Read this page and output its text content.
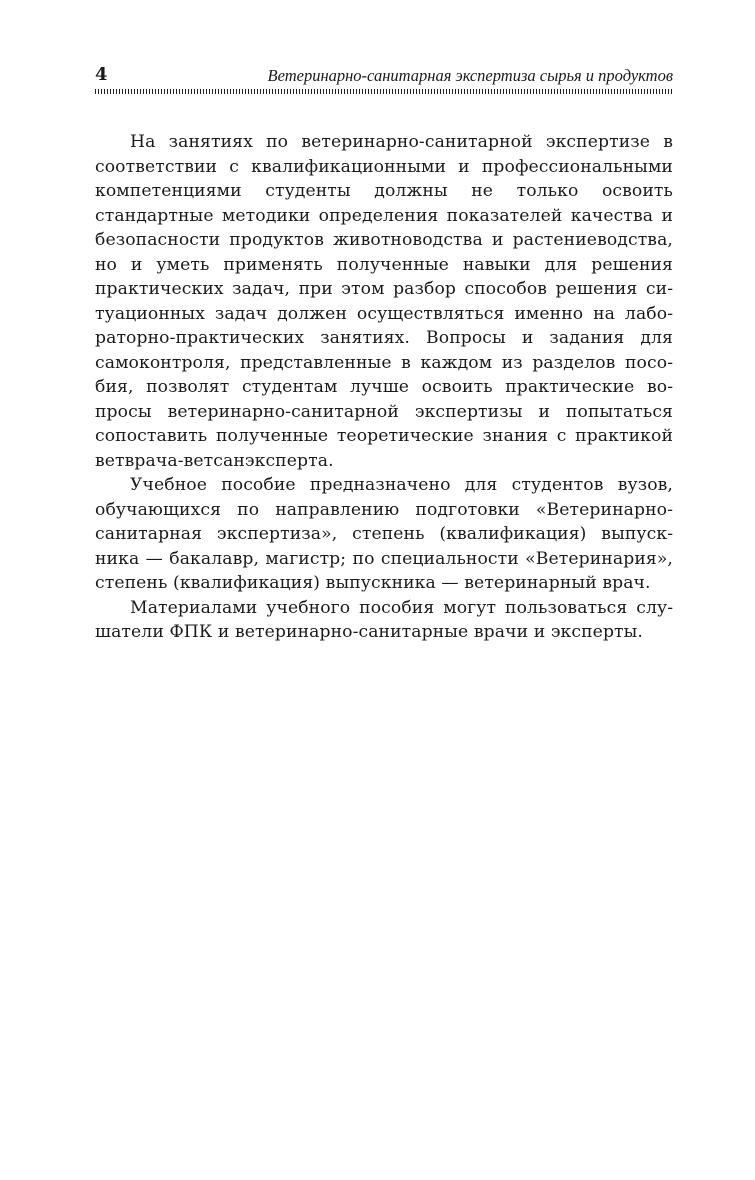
4	Ветеринарно-санитарная экспертиза сырья и продуктов

На занятиях по ветеринарно-санитарной экспертизе в соответствии с квалификационными и профессиональными компетенциями студенты должны не только освоить стандартные методики определения показателей качества и безопасности продуктов животноводства и растениеводства, но и уметь применять полученные навыки для решения практических задач, при этом разбор способов решения ситуационных задач должен осуществляться именно на лабораторно-практических занятиях. Вопросы и задания для самоконтроля, представленные в каждом из разделов пособия, позволят студентам лучше освоить практические вопросы ветеринарно-санитарной экспертизы и попытаться сопоставить полученные теоретические знания с практикой ветврача-ветсанэксперта.

Учебное пособие предназначено для студентов вузов, обучающихся по направлению подготовки «Ветеринарно-санитарная экспертиза», степень (квалификация) выпускника — бакалавр, магистр; по специальности «Ветеринария», степень (квалификация) выпускника — ветеринарный врач.

Материалами учебного пособия могут пользоваться слушатели ФПК и ветеринарно-санитарные врачи и эксперты.
